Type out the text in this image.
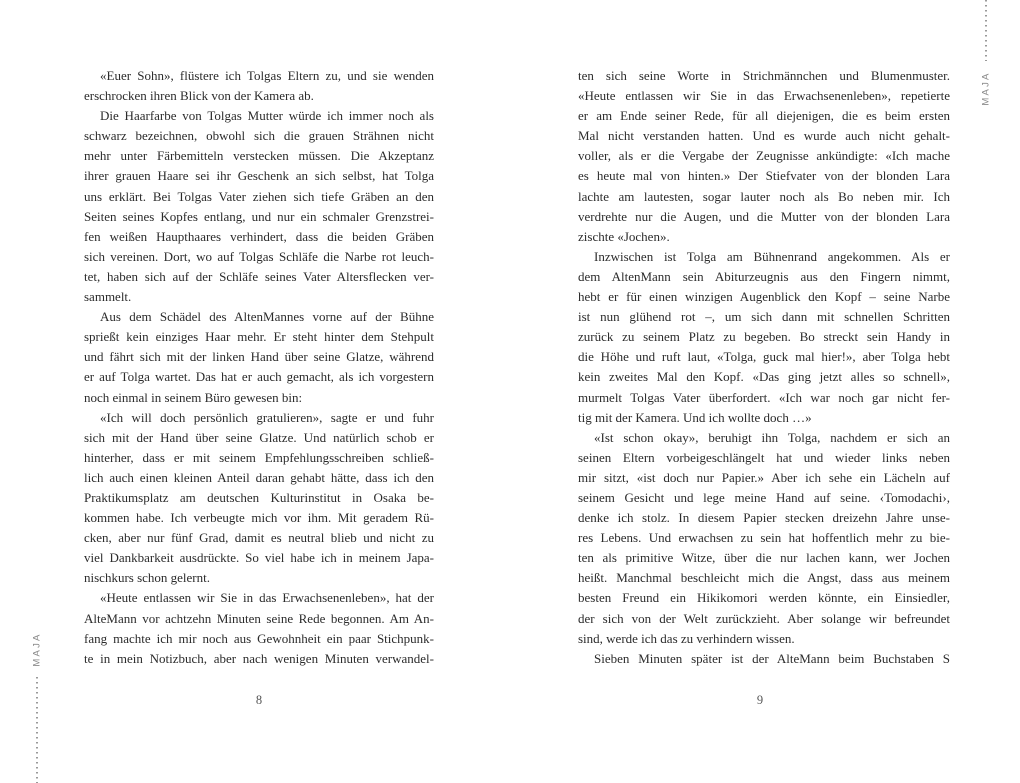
«Euer Sohn», flüstere ich Tolgas Eltern zu, und sie wenden
erschrocken ihren Blick von der Kamera ab.
Die Haarfarbe von Tolgas Mutter würde ich immer noch als
schwarz bezeichnen, obwohl sich die grauen Strähnen nicht
mehr unter Färbemitteln verstecken müssen. Die Akzeptanz
ihrer grauen Haare sei ihr Geschenk an sich selbst, hat Tolga
uns erklärt. Bei Tolgas Vater ziehen sich tiefe Gräben an den
Seiten seines Kopfes entlang, und nur ein schmaler Grenzstrei-
fen weißen Haupthaares verhindert, dass die beiden Gräben
sich vereinen. Dort, wo auf Tolgas Schläfe die Narbe rot leuch-
tet, haben sich auf der Schläfe seines Vater Altersflecken ver-
sammelt.
Aus dem Schädel des AltenMannes vorne auf der Bühne
sprießt kein einziges Haar mehr. Er steht hinter dem Stehpult
und fährt sich mit der linken Hand über seine Glatze, während
er auf Tolga wartet. Das hat er auch gemacht, als ich vorgestern
noch einmal in seinem Büro gewesen bin:
«Ich will doch persönlich gratulieren», sagte er und fuhr
sich mit der Hand über seine Glatze. Und natürlich schob er
hinterher, dass er mit seinem Empfehlungsschreiben schließ-
lich auch einen kleinen Anteil daran gehabt hätte, dass ich den
Praktikumsplatz am deutschen Kulturinstitut in Osaka be-
kommen habe. Ich verbeugte mich vor ihm. Mit geradem Rü-
cken, aber nur fünf Grad, damit es neutral blieb und nicht zu
viel Dankbarkeit ausdrückte. So viel habe ich in meinem Japa-
nischkurs schon gelernt.
«Heute entlassen wir Sie in das Erwachsenenleben», hat der
AlteMann vor achtzehn Minuten seine Rede begonnen. Am An-
fang machte ich mir noch aus Gewohnheit ein paar Stichpunk-
te in mein Notizbuch, aber nach wenigen Minuten verwandel-
ten sich seine Worte in Strichmännchen und Blumenmuster.
«Heute entlassen wir Sie in das Erwachsenenleben», repetierte
er am Ende seiner Rede, für all diejenigen, die es beim ersten
Mal nicht verstanden hatten. Und es wurde auch nicht gehalt-
voller, als er die Vergabe der Zeugnisse ankündigte: «Ich mache
es heute mal von hinten.» Der Stiefvater von der blonden Lara
lachte am lautesten, sogar lauter noch als Bo neben mir. Ich
verdrehte nur die Augen, und die Mutter von der blonden Lara
zischte «Jochen».
Inzwischen ist Tolga am Bühnenrand angekommen. Als er
dem AltenMann sein Abiturzeugnis aus den Fingern nimmt,
hebt er für einen winzigen Augenblick den Kopf – seine Narbe
ist nun glühend rot –, um sich dann mit schnellen Schritten
zurück zu seinem Platz zu begeben. Bo streckt sein Handy in
die Höhe und ruft laut, «Tolga, guck mal hier!», aber Tolga hebt
kein zweites Mal den Kopf. «Das ging jetzt alles so schnell»,
murmelt Tolgas Vater überfordert. «Ich war noch gar nicht fer-
tig mit der Kamera. Und ich wollte doch …»
«Ist schon okay», beruhigt ihn Tolga, nachdem er sich an
seinen Eltern vorbeigeschlängelt hat und wieder links neben
mir sitzt, «ist doch nur Papier.» Aber ich sehe ein Lächeln auf
seinem Gesicht und lege meine Hand auf seine. ‹Tomodachi›,
denke ich stolz. In diesem Papier stecken dreizehn Jahre unse-
res Lebens. Und erwachsen zu sein hat hoffentlich mehr zu bie-
ten als primitive Witze, über die nur lachen kann, wer Jochen
heißt. Manchmal beschleicht mich die Angst, dass aus meinem
besten Freund ein Hikikomori werden könnte, ein Einsiedler,
der sich von der Welt zurückzieht. Aber solange wir befreundet
sind, werde ich das zu verhindern wissen.
Sieben Minuten später ist der AlteMann beim Buchstaben S
8	9
MAJA
MAJA
